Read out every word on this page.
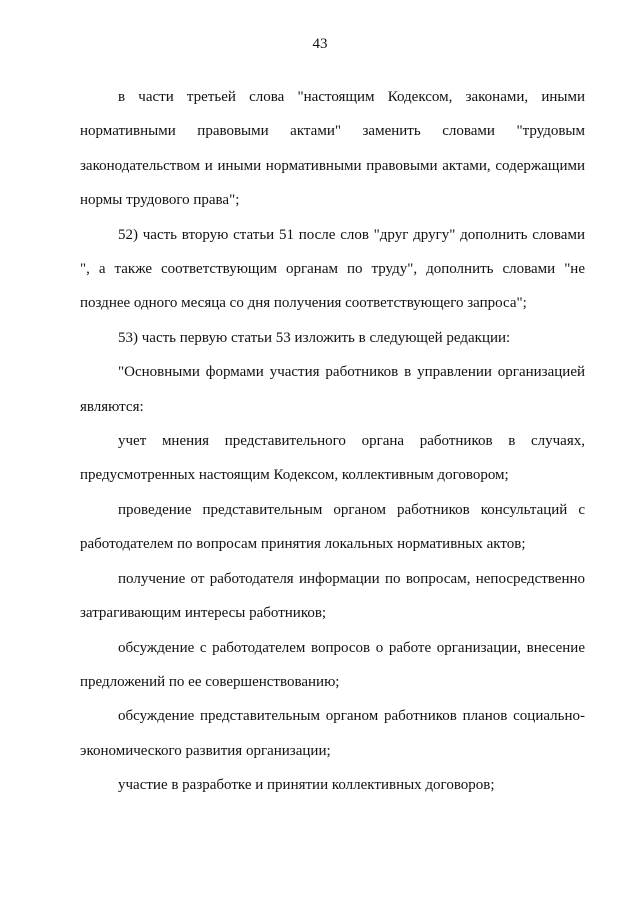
43

в части третьей слова "настоящим Кодексом, законами, иными нормативными правовыми актами" заменить словами "трудовым законодательством и иными нормативными правовыми актами, содержащими нормы трудового права";

52) часть вторую статьи 51 после слов "друг другу" дополнить словами ", а также соответствующим органам по труду", дополнить словами "не позднее одного месяца со дня получения соответствующего запроса";

53) часть первую статьи 53 изложить в следующей редакции:

"Основными формами участия работников в управлении организацией являются:

учет мнения представительного органа работников в случаях, предусмотренных настоящим Кодексом, коллективным договором;

проведение представительным органом работников консультаций с работодателем по вопросам принятия локальных нормативных актов;

получение от работодателя информации по вопросам, непосредственно затрагивающим интересы работников;

обсуждение с работодателем вопросов о работе организации, внесение предложений по ее совершенствованию;

обсуждение представительным органом работников планов социально-экономического развития организации;

участие в разработке и принятии коллективных договоров;
